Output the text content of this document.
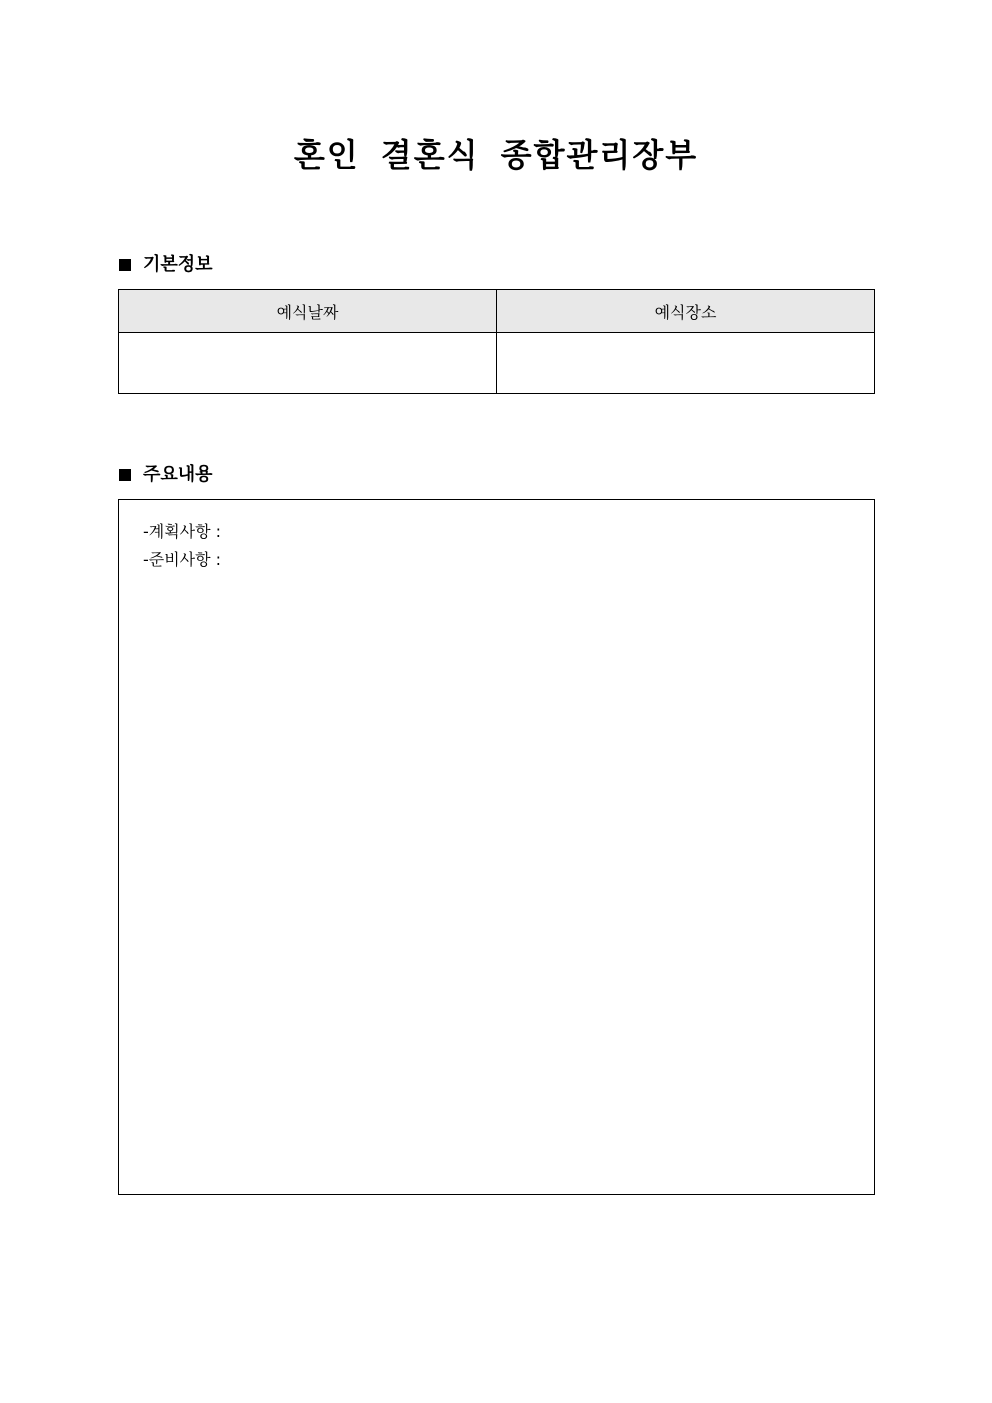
혼인 결혼식 종합관리장부
기본정보
예식날짜	예식장소

주요내용
-계획사항 :
-준비사항 :
